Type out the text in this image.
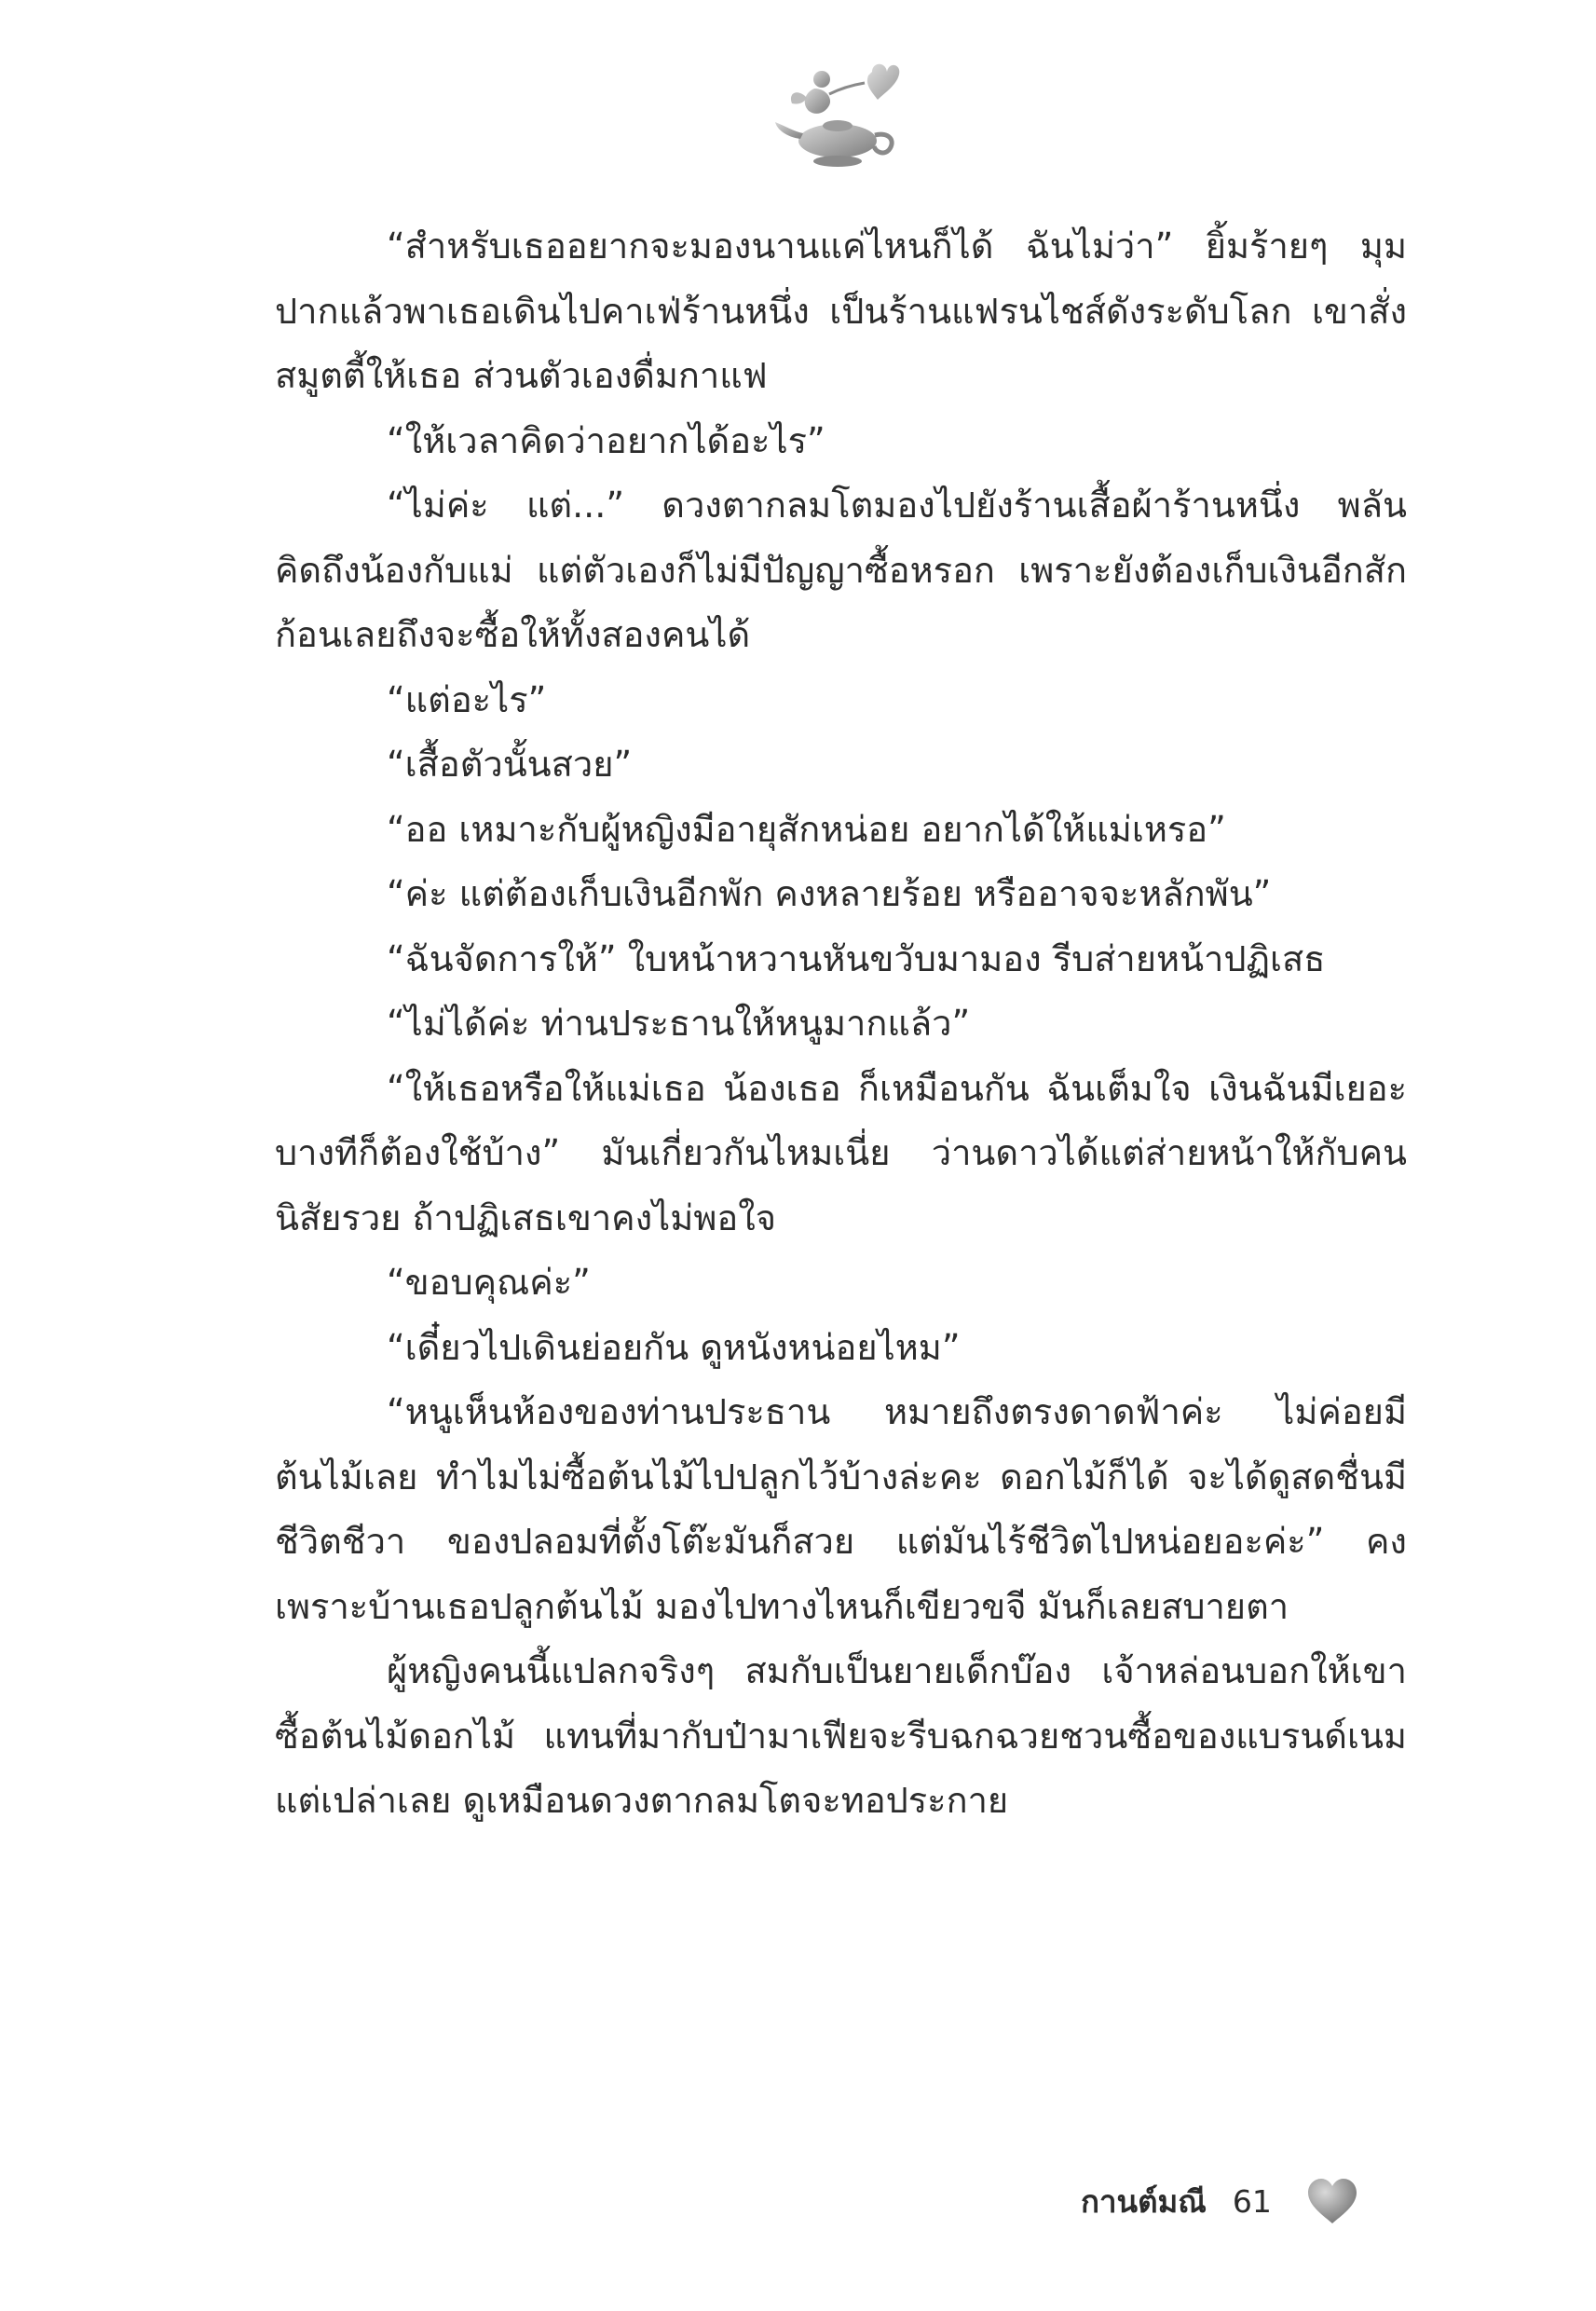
“สำหรับเธออยากจะมองนานแค่ไหนก็ได้ ฉันไม่ว่า” ยิ้มร้ายๆ มุมปากแล้วพาเธอเดินไปคาเฟ่ร้านหนึ่ง เป็นร้านแฟรนไชส์ดังระดับโลก เขาสั่งสมูตตี้ให้เธอ ส่วนตัวเองดื่มกาแฟ

“ให้เวลาคิดว่าอยากได้อะไร”

“ไม่ค่ะ แต่...” ดวงตากลมโตมองไปยังร้านเสื้อผ้าร้านหนึ่ง พลันคิดถึงน้องกับแม่ แต่ตัวเองก็ไม่มีปัญญาซื้อหรอก เพราะยังต้องเก็บเงินอีกสักก้อนเลยถึงจะซื้อให้ทั้งสองคนได้

“แต่อะไร”

“เสื้อตัวนั้นสวย”

“ออ เหมาะกับผู้หญิงมีอายุสักหน่อย อยากได้ให้แม่เหรอ”

“ค่ะ แต่ต้องเก็บเงินอีกพัก คงหลายร้อย หรืออาจจะหลักพัน”

“ฉันจัดการให้” ใบหน้าหวานหันขวับมามอง รีบส่ายหน้าปฏิเสธ

“ไม่ได้ค่ะ ท่านประธานให้หนูมากแล้ว”

“ให้เธอหรือให้แม่เธอ น้องเธอ ก็เหมือนกัน ฉันเต็มใจ เงินฉันมีเยอะ บางทีก็ต้องใช้บ้าง” มันเกี่ยวกันไหมเนี่ย ว่านดาวได้แต่ส่ายหน้าให้กับคนนิสัยรวย ถ้าปฏิเสธเขาคงไม่พอใจ

“ขอบคุณค่ะ”

“เดี๋ยวไปเดินย่อยกัน ดูหนังหน่อยไหม”

“หนูเห็นห้องของท่านประธาน หมายถึงตรงดาดฟ้าค่ะ ไม่ค่อยมีต้นไม้เลย ทำไมไม่ซื้อต้นไม้ไปปลูกไว้บ้างล่ะคะ ดอกไม้ก็ได้ จะได้ดูสดชื่นมีชีวิตชีวา ของปลอมที่ตั้งโต๊ะมันก็สวย แต่มันไร้ชีวิตไปหน่อยอะค่ะ” คงเพราะบ้านเธอปลูกต้นไม้ มองไปทางไหนก็เขียวขจี มันก็เลยสบายตา

ผู้หญิงคนนี้แปลกจริงๆ สมกับเป็นยายเด็กบ๊อง เจ้าหล่อนบอกให้เขาซื้อต้นไม้ดอกไม้ แทนที่มากับป๋ามาเฟียจะรีบฉกฉวยชวนซื้อของแบรนด์เนม แต่เปล่าเลย ดูเหมือนดวงตากลมโตจะทอประกาย

กานต์มณี 61
